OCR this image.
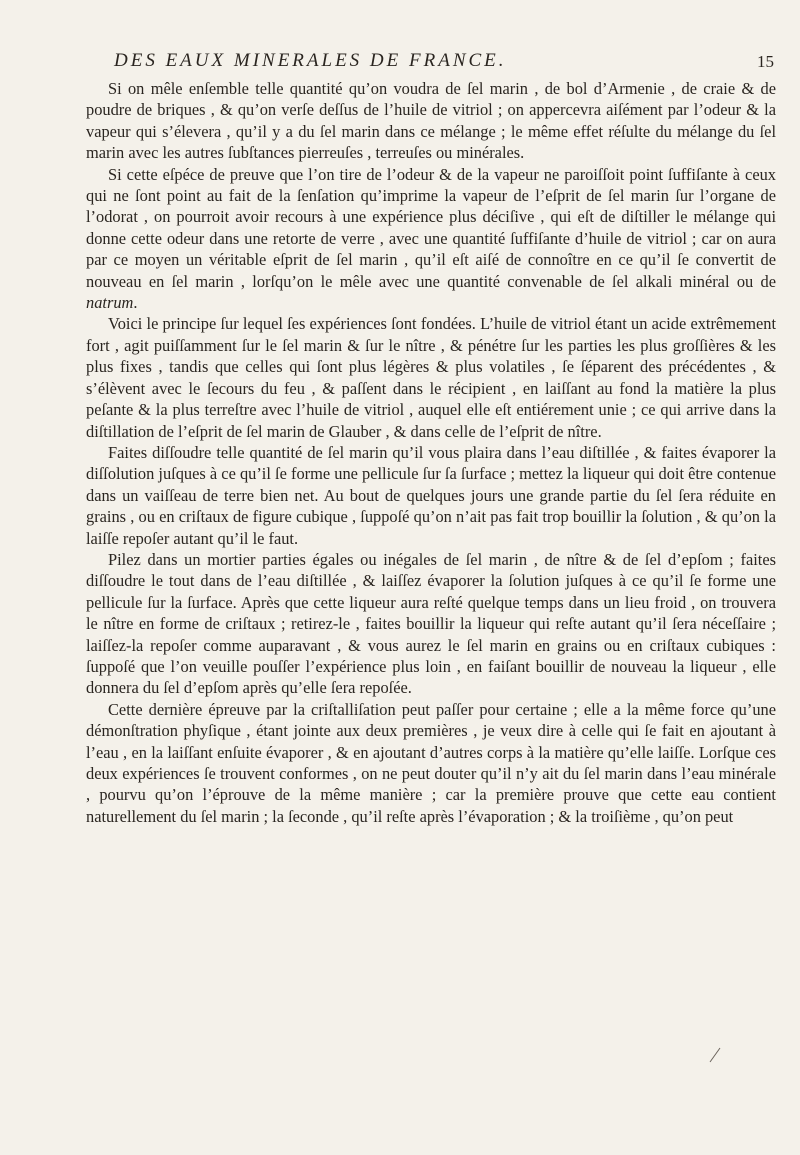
DES EAUX MINERALES DE FRANCE.	15

Si on mêle enſemble telle quantité qu’on voudra de ſel marin , de bol d’Armenie , de craie & de poudre de briques , & qu’on verſe deſſus de l’huile de vitriol ; on appercevra aiſément par l’odeur & la vapeur qui s’élevera , qu’il y a du ſel marin dans ce mélange ; le même effet réſulte du mélange du ſel marin avec les autres ſubſtances pierreuſes , terreuſes ou minérales.

Si cette eſpéce de preuve que l’on tire de l’odeur & de la vapeur ne paroiſſoit point ſuffiſante à ceux qui ne ſont point au fait de la ſenſation qu’imprime la vapeur de l’eſprit de ſel marin ſur l’organe de l’odorat , on pourroit avoir recours à une expérience plus déciſive , qui eſt de diſtiller le mélange qui donne cette odeur dans une retorte de verre , avec une quantité ſuffiſante d’huile de vitriol ; car on aura par ce moyen un véritable eſprit de ſel marin , qu’il eſt aiſé de connoître en ce qu’il ſe convertit de nouveau en ſel marin , lorſqu’on le mêle avec une quantité convenable de ſel alkali minéral ou de natrum.

Voici le principe ſur lequel ſes expériences ſont fondées. L’huile de vitriol étant un acide extrêmement fort , agit puiſſamment ſur le ſel marin & ſur le nître , & pénétre ſur les parties les plus groſſières & les plus fixes , tandis que celles qui ſont plus légères & plus volatiles , ſe ſéparent des précédentes , & s’élèvent avec le ſecours du feu , & paſſent dans le récipient , en laiſſant au fond la matière la plus peſante & la plus terreſtre avec l’huile de vitriol , auquel elle eſt entiérement unie ; ce qui arrive dans la diſtillation de l’eſprit de ſel marin de Glauber , & dans celle de l’eſprit de nître.

Faites diſſoudre telle quantité de ſel marin qu’il vous plaira dans l’eau diſtillée , & faites évaporer la diſſolution juſques à ce qu’il ſe forme une pellicule ſur ſa ſurface ; mettez la liqueur qui doit être contenue dans un vaiſſeau de terre bien net. Au bout de quelques jours une grande partie du ſel ſera réduite en grains , ou en criſtaux de figure cubique , ſuppoſé qu’on n’ait pas fait trop bouillir la ſolution , & qu’on la laiſſe repoſer autant qu’il le faut.

Pilez dans un mortier parties égales ou inégales de ſel marin , de nître & de ſel d’epſom ; faites diſſoudre le tout dans de l’eau diſtillée , & laiſſez évaporer la ſolution juſques à ce qu’il ſe forme une pellicule ſur la ſurface. Après que cette liqueur aura reſté quelque temps dans un lieu froid , on trouvera le nître en forme de criſtaux ; retirez-le , faites bouillir la liqueur qui reſte autant qu’il ſera néceſſaire ; laiſſez-la repoſer comme auparavant , & vous aurez le ſel marin en grains ou en criſtaux cubiques : ſuppoſé que l’on veuille pouſſer l’expérience plus loin , en faiſant bouillir de nouveau la liqueur , elle donnera du ſel d’epſom après qu’elle ſera repoſée.

Cette dernière épreuve par la criſtalliſation peut paſſer pour certaine ; elle a la même force qu’une démonſtration phyſique , étant jointe aux deux premières , je veux dire à celle qui ſe fait en ajoutant à l’eau , en la laiſſant enſuite évaporer , & en ajoutant d’autres corps à la matière qu’elle laiſſe. Lorſque ces deux expériences ſe trouvent conformes , on ne peut douter qu’il n’y ait du ſel marin dans l’eau minérale , pourvu qu’on l’éprouve de la même manière ; car la première prouve que cette eau contient naturellement du ſel marin ; la ſeconde , qu’il reſte après l’évaporation ; & la troiſième , qu’on peut
